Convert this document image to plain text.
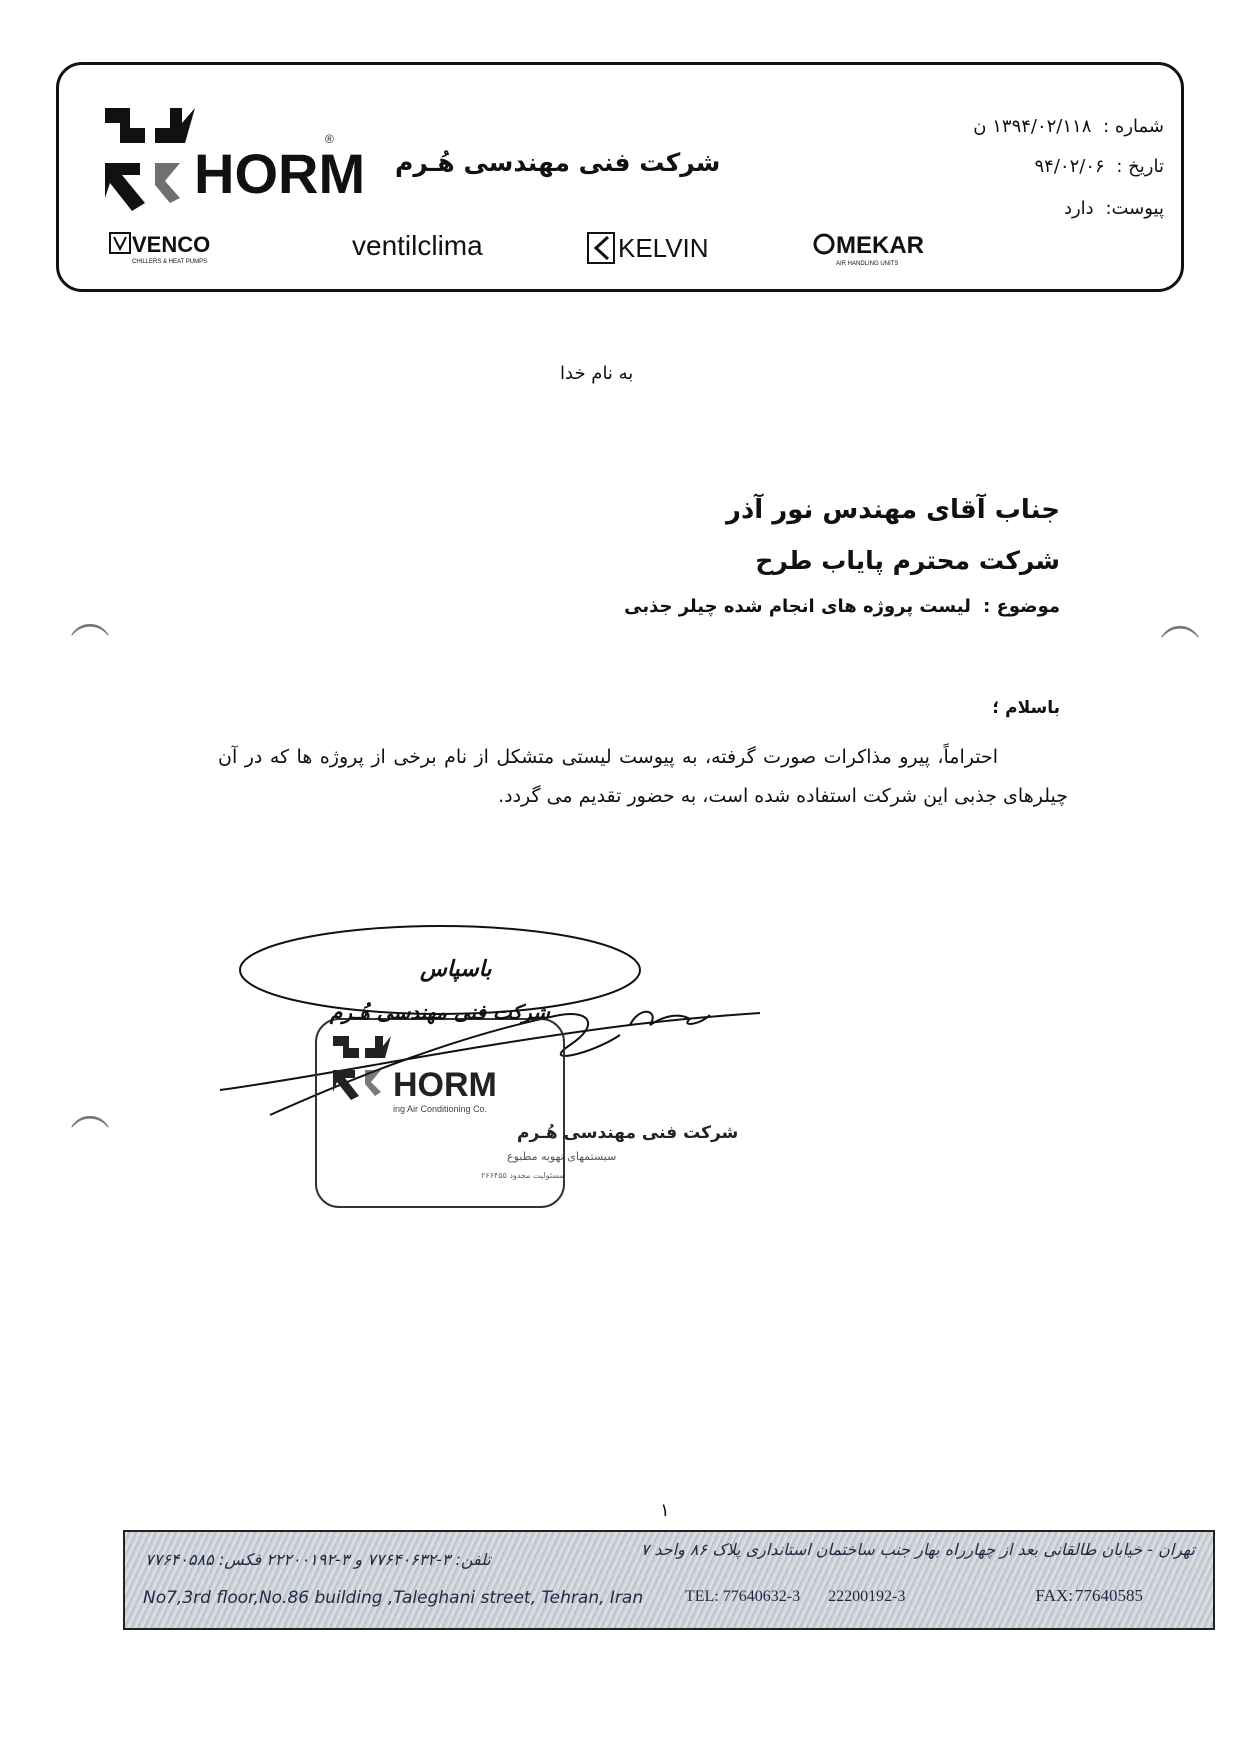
HORM
®
شرکت فنی مهندسی هُـرم
VENCO
CHILLERS & HEAT PUMPS
ventilclima	KELVIN	MEKAR
AIR HANDLING UNITS
شماره : ۱۳۹۴/۰۲/۱۱۸ ن
تاریخ : ۹۴/۰۲/۰۶
پیوست: دارد
به نام خدا
جناب آقای مهندس نور آذر
شرکت محترم پایاب طرح
موضوع : لیست پروژه های انجام شده چیلر جذبی
︵	︵
باسلام ؛
احتراماً، پیرو مذاکرات صورت گرفته، به پیوست لیستی متشکل از نام برخی از پروژه ها که در آن چیلرهای جذبی این شرکت استفاده شده است، به حضور تقدیم می گردد.
︵
HORM
ing Air Conditioning Co.
شرکت فنی مهندسی هُـرم
سیستمهای تهویه مطبوع
مسئولیت محدود ۲۶۶۴۵۵
باسپاس
شرکت فنی مهندسی هُـرم
۱
تهران - خیابان طالقانی بعد از چهارراه بهار جنب ساختمان استانداری پلاک ۸۶ واحد ۷
تلفن: ۳-۷۷۶۴۰۶۳۲ و ۳-۲۲۲۰۰۱۹۲ فکس: ۷۷۶۴۰۵۸۵
No7,3rd floor,No.86 building ,Taleghani street, Tehran, Iran	TEL: 77640632-3 22200192-3	FAX: 77640585
